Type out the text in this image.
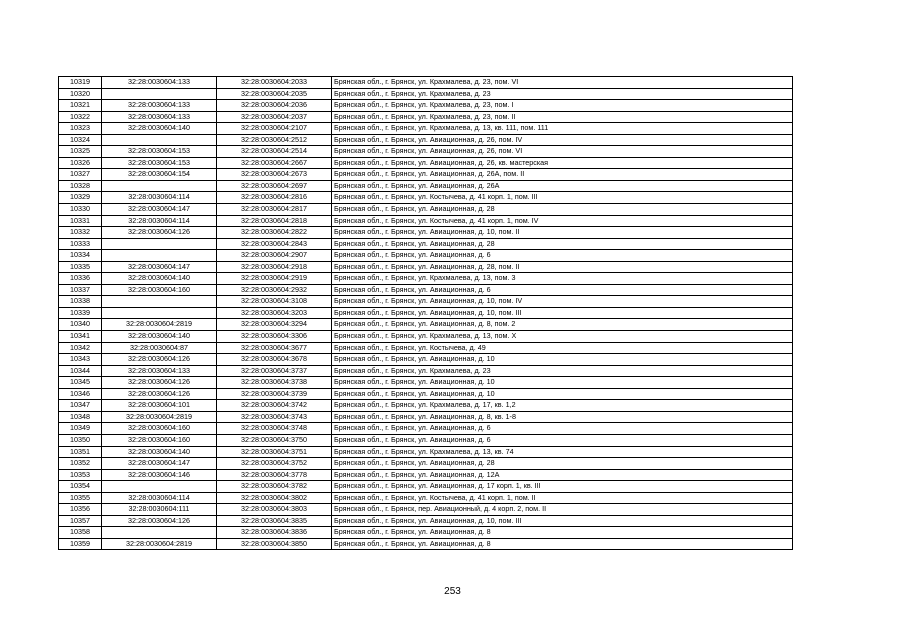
10319	32:28:0030604:133	32:28:0030604:2033	Брянская обл., г. Брянск, ул. Крахмалева, д. 23, пом. VI
10320		32:28:0030604:2035	Брянская обл., г. Брянск, ул. Крахмалева, д. 23
10321	32:28:0030604:133	32:28:0030604:2036	Брянская обл., г. Брянск, ул. Крахмалева, д. 23, пом. I
10322	32:28:0030604:133	32:28:0030604:2037	Брянская обл., г. Брянск, ул. Крахмалева, д. 23, пом. II
10323	32:28:0030604:140	32:28:0030604:2107	Брянская обл., г. Брянск, ул. Крахмалева, д. 13, кв. 111, пом. 111
10324		32:28:0030604:2512	Брянская обл., г. Брянск, ул. Авиационная, д. 26, пом. IV
10325	32:28:0030604:153	32:28:0030604:2514	Брянская обл., г. Брянск, ул. Авиационная, д. 26, пом. VI
10326	32:28:0030604:153	32:28:0030604:2667	Брянская обл., г. Брянск, ул. Авиационная, д. 26, кв. мастерская
10327	32:28:0030604:154	32:28:0030604:2673	Брянская обл., г. Брянск, ул. Авиационная, д. 26А, пом. II
10328		32:28:0030604:2697	Брянская обл., г. Брянск, ул. Авиационная, д. 26А
10329	32:28:0030604:114	32:28:0030604:2816	Брянская обл., г. Брянск, ул. Костычева, д. 41 корп. 1, пом. III
10330	32:28:0030604:147	32:28:0030604:2817	Брянская обл., г. Брянск, ул. Авиационная, д. 28
10331	32:28:0030604:114	32:28:0030604:2818	Брянская обл., г. Брянск, ул. Костычева, д. 41 корп. 1, пом. IV
10332	32:28:0030604:126	32:28:0030604:2822	Брянская обл., г. Брянск, ул. Авиационная, д. 10, пом. II
10333		32:28:0030604:2843	Брянская обл., г. Брянск, ул. Авиационная, д. 28
10334		32:28:0030604:2907	Брянская обл., г. Брянск, ул. Авиационная, д. 6
10335	32:28:0030604:147	32:28:0030604:2918	Брянская обл., г. Брянск, ул. Авиационная, д. 28, пом. II
10336	32:28:0030604:140	32:28:0030604:2919	Брянская обл., г. Брянск, ул. Крахмалева, д. 13, пом. 3
10337	32:28:0030604:160	32:28:0030604:2932	Брянская обл., г. Брянск, ул. Авиационная, д. 6
10338		32:28:0030604:3108	Брянская обл., г. Брянск, ул. Авиационная, д. 10, пом. IV
10339		32:28:0030604:3203	Брянская обл., г. Брянск, ул. Авиационная, д. 10, пом. III
10340	32:28:0030604:2819	32:28:0030604:3294	Брянская обл., г. Брянск, ул. Авиационная, д. 8, пом. 2
10341	32:28:0030604:140	32:28:0030604:3306	Брянская обл., г. Брянск, ул. Крахмалева, д. 13, пом. X
10342	32:28:0030604:87	32:28:0030604:3677	Брянская обл., г. Брянск, ул. Костычева, д. 49
10343	32:28:0030604:126	32:28:0030604:3678	Брянская обл., г. Брянск, ул. Авиационная, д. 10
10344	32:28:0030604:133	32:28:0030604:3737	Брянская обл., г. Брянск, ул. Крахмалева, д. 23
10345	32:28:0030604:126	32:28:0030604:3738	Брянская обл., г. Брянск, ул. Авиационная, д. 10
10346	32:28:0030604:126	32:28:0030604:3739	Брянская обл., г. Брянск, ул. Авиационная, д. 10
10347	32:28:0030604:101	32:28:0030604:3742	Брянская обл., г. Брянск, ул. Крахмалева, д. 17, кв. 1,2
10348	32:28:0030604:2819	32:28:0030604:3743	Брянская обл., г. Брянск, ул. Авиационная, д. 8, кв. 1-8
10349	32:28:0030604:160	32:28:0030604:3748	Брянская обл., г. Брянск, ул. Авиационная, д. 6
10350	32:28:0030604:160	32:28:0030604:3750	Брянская обл., г. Брянск, ул. Авиационная, д. 6
10351	32:28:0030604:140	32:28:0030604:3751	Брянская обл., г. Брянск, ул. Крахмалева, д. 13, кв. 74
10352	32:28:0030604:147	32:28:0030604:3752	Брянская обл., г. Брянск, ул. Авиационная, д. 28
10353	32:28:0030604:146	32:28:0030604:3778	Брянская обл., г. Брянск, ул. Авиационная, д. 12А
10354		32:28:0030604:3782	Брянская обл., г. Брянск, ул. Авиационная, д. 17 корп. 1, кв. III
10355	32:28:0030604:114	32:28:0030604:3802	Брянская обл., г. Брянск, ул. Костычева, д. 41 корп. 1, пом. II
10356	32:28:0030604:111	32:28:0030604:3803	Брянская обл., г. Брянск, пер. Авиационный, д. 4 корп. 2, пом. II
10357	32:28:0030604:126	32:28:0030604:3835	Брянская обл., г. Брянск, ул. Авиационная, д. 10, пом. III
10358		32:28:0030604:3836	Брянская обл., г. Брянск, ул. Авиационная, д. 8
10359	32:28:0030604:2819	32:28:0030604:3850	Брянская обл., г. Брянск, ул. Авиационная, д. 8
253
